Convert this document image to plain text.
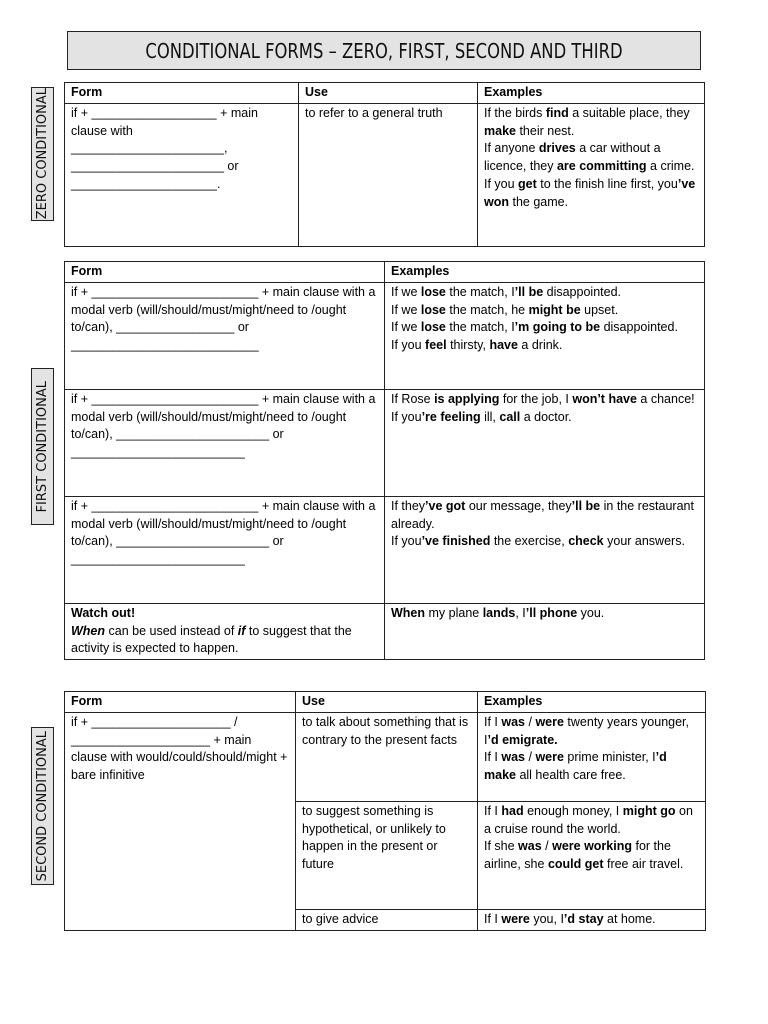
CONDITIONAL FORMS – ZERO, FIRST, SECOND AND THIRD
ZERO CONDITIONAL
FIRST CONDITIONAL
SECOND CONDITIONAL
Form	Use	Examples

if + __________________ + main
clause with
______________________,
______________________ or
_____________________.	to refer to a general truth	If the birds find a suitable place, they make their nest.
If anyone drives a car without a licence, they are committing a crime.
If you get to the finish line first, you’ve won the game.
Form	Examples
if + ________________________ + main clause with a modal verb (will/should/must/might/need to /ought to/can), _________________ or ___________________________	If we lose the match, I’ll be disappointed.
If we lose the match, he might be upset.
If we lose the match, I’m going to be disappointed.
If you feel thirsty, have a drink.
if + ________________________ + main clause with a modal verb (will/should/must/might/need to /ought to/can), ______________________ or _________________________	If Rose is applying for the job, I won’t have a chance!
If you’re feeling ill, call a doctor.
if + ________________________ + main clause with a modal verb (will/should/must/might/need to /ought to/can), ______________________ or _________________________	If they’ve got our message, they’ll be in the restaurant already.
If you’ve finished the exercise, check your answers.

Watch out!
When can be used instead of if to suggest that the activity is expected to happen.	When my plane lands, I’ll phone you.
Form	Use	Examples
if + ____________________ / ____________________ + main clause with would/could/should/might + bare infinitive	to talk about something that is contrary to the present facts	If I was / were twenty years younger, I’d emigrate.
If I was / were prime minister, I’d make all health care free.
	to suggest something is hypothetical, or unlikely to happen in the present or future	If I had enough money, I might go on a cruise round the world.
If she was / were working for the airline, she could get free air travel.
	to give advice	If I were you, I’d stay at home.
